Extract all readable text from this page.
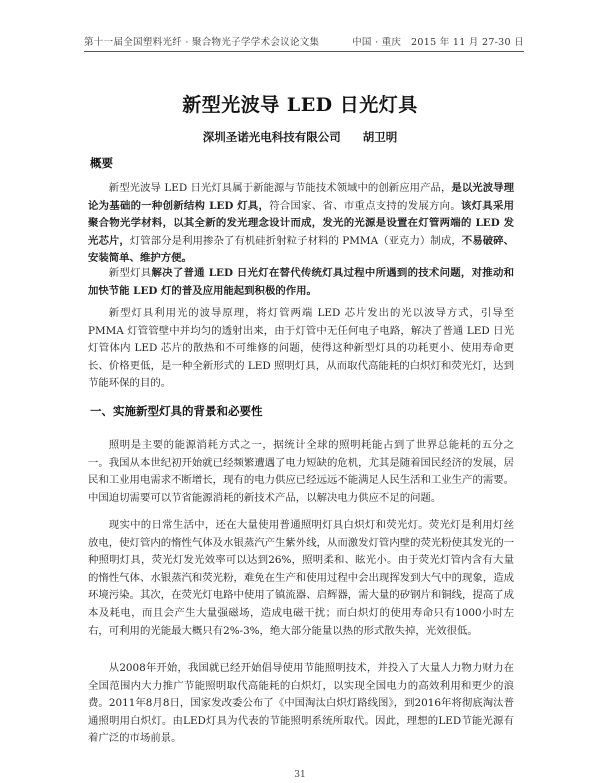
第十一届全国塑料光纤 · 聚合物光子学学术会议论文集	中国 · 重庆　2015 年 11 月 27-30 日
新型光波导 LED 日光灯具
深圳圣诺光电科技有限公司 胡卫明
概要
新型光波导 LED 日光灯具属于新能源与节能技术领域中的创新应用产品，是以光波导理论为基础的一种创新结构 LED 灯具，符合国家、省、市重点支持的发展方向。该灯具采用聚合物光学材料，以其全新的发光理念设计而成，发光的光源是设置在灯管两端的 LED 发光芯片，灯管部分是利用掺杂了有机硅折射粒子材料的 PMMA（亚克力）制成，不易破碎、安装简单、维护方便。
新型灯具解决了普通 LED 日光灯在替代传统灯具过程中所遇到的技术问题，对推动和加快节能 LED 灯的普及应用能起到积极的作用。
新型灯具利用光的波导原理，将灯管两端 LED 芯片发出的光以波导方式，引导至 PMMA 灯管管壁中并均匀的透射出来，由于灯管中无任何电子电路，解决了普通 LED 日光灯管体内 LED 芯片的散热和不可维修的问题，使得这种新型灯具的功耗更小、使用寿命更长、价格更低，是一种全新形式的 LED 照明灯具，从而取代高能耗的白炽灯和荧光灯，达到节能环保的目的。
一、实施新型灯具的背景和必要性
照明是主要的能源消耗方式之一，据统计全球的照明耗能占到了世界总能耗的五分之一。我国从本世纪初开始就已经频繁遭遇了电力短缺的危机，尤其是随着国民经济的发展，居民和工业用电需求不断增长，现有的电力供应已经远远不能满足人民生活和工业生产的需要。中国迫切需要可以节省能源消耗的新技术产品，以解决电力供应不足的问题。
现实中的日常生活中，还在大量使用普通照明灯具白炽灯和荧光灯。荧光灯是利用灯丝放电，使灯管内的惰性气体及水银蒸汽产生紫外线，从而激发灯管内壁的荧光粉使其发光的一种照明灯具，荧光灯发光效率可以达到26%，照明柔和、眩光小。由于荧光灯管内含有大量的惰性气体、水银蒸汽和荧光粉，难免在生产和使用过程中会出现挥发到大气中的现象，造成环境污染。其次，在荧光灯电路中使用了镇流器、启辉器，需大量的矽钢片和铜线，提高了成本及耗电，而且会产生大量强磁场，造成电磁干扰；而白炽灯的使用寿命只有1000小时左右，可利用的光能最大概只有2%-3%，绝大部分能量以热的形式散失掉，光效很低。
从2008年开始，我国就已经开始倡导使用节能照明技术，并投入了大量人力物力财力在全国范围内大力推广节能照明取代高能耗的白炽灯，以实现全国电力的高效利用和更少的浪费。2011年8月8日，国家发改委公布了《中国淘汰白炽灯路线图》，到2016年将彻底淘汰普通照明用白炽灯。由LED灯具为代表的节能照明系统所取代。因此，理想的LED节能光源有着广泛的市场前景。
31
